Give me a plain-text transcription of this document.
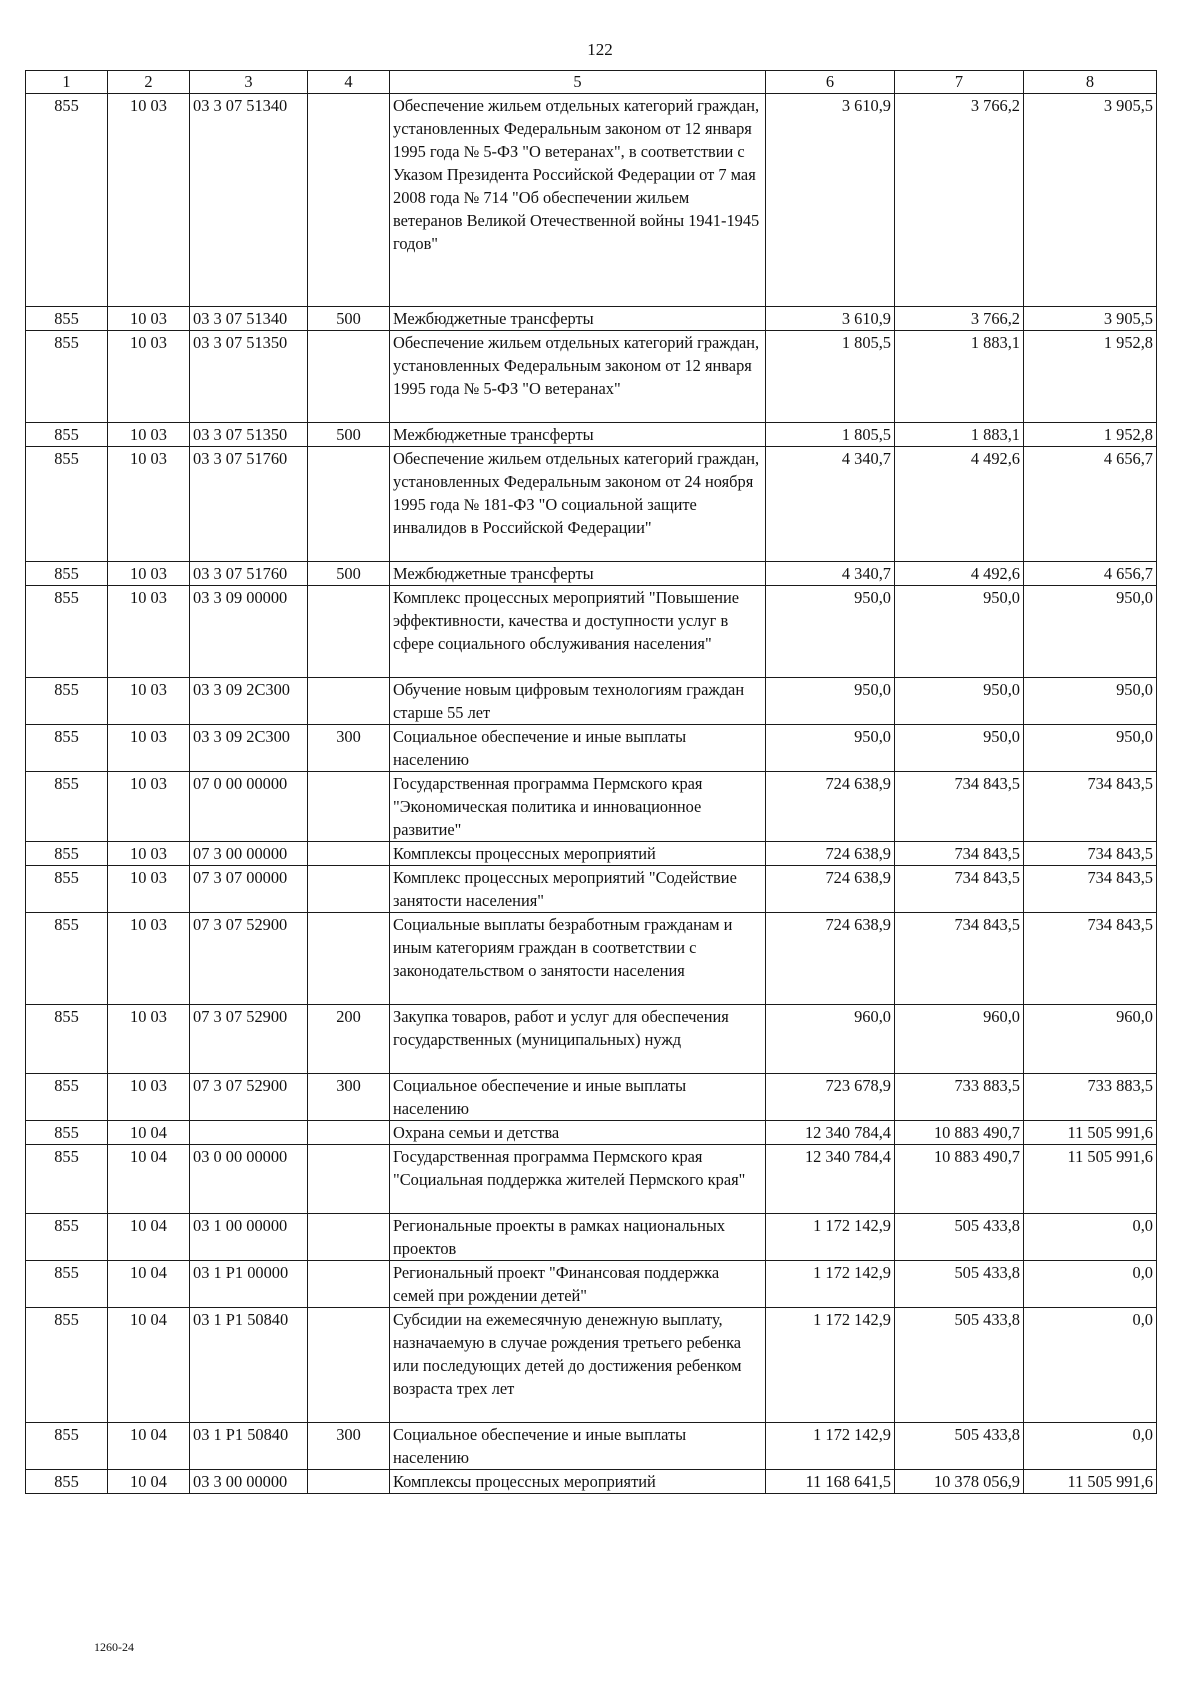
122
1	2	3	4	5	6	7	8
855	10 03	03 3 07 51340		Обеспечение жильем отдельных категорий граждан, установленных Федеральным законом от 12 января 1995 года № 5-ФЗ "О ветеранах", в соответствии с Указом Президента Российской Федерации от 7 мая 2008 года № 714 "Об обеспечении жильем ветеранов Великой Отечественной войны 1941-1945 годов"	3 610,9	3 766,2	3 905,5
855	10 03	03 3 07 51340	500	Межбюджетные трансферты	3 610,9	3 766,2	3 905,5
855	10 03	03 3 07 51350		Обеспечение жильем отдельных категорий граждан, установленных Федеральным законом от 12 января 1995 года № 5-ФЗ "О ветеранах"	1 805,5	1 883,1	1 952,8
855	10 03	03 3 07 51350	500	Межбюджетные трансферты	1 805,5	1 883,1	1 952,8
855	10 03	03 3 07 51760		Обеспечение жильем отдельных категорий граждан, установленных Федеральным законом от 24 ноября 1995 года № 181-ФЗ "О социальной защите инвалидов в Российской Федерации"	4 340,7	4 492,6	4 656,7
855	10 03	03 3 07 51760	500	Межбюджетные трансферты	4 340,7	4 492,6	4 656,7
855	10 03	03 3 09 00000		Комплекс процессных мероприятий "Повышение эффективности, качества и доступности услуг в сфере социального обслуживания населения"	950,0	950,0	950,0
855	10 03	03 3 09 2С300		Обучение новым цифровым технологиям граждан старше 55 лет	950,0	950,0	950,0
855	10 03	03 3 09 2С300	300	Социальное обеспечение и иные выплаты населению	950,0	950,0	950,0
855	10 03	07 0 00 00000		Государственная программа Пермского края "Экономическая политика и инновационное развитие"	724 638,9	734 843,5	734 843,5
855	10 03	07 3 00 00000		Комплексы процессных мероприятий	724 638,9	734 843,5	734 843,5
855	10 03	07 3 07 00000		Комплекс процессных мероприятий "Содействие занятости населения"	724 638,9	734 843,5	734 843,5
855	10 03	07 3 07 52900		Социальные выплаты безработным гражданам и иным категориям граждан в соответствии с законодательством о занятости населения	724 638,9	734 843,5	734 843,5
855	10 03	07 3 07 52900	200	Закупка товаров, работ и услуг для обеспечения государственных (муниципальных) нужд	960,0	960,0	960,0
855	10 03	07 3 07 52900	300	Социальное обеспечение и иные выплаты населению	723 678,9	733 883,5	733 883,5
855	10 04			Охрана семьи и детства	12 340 784,4	10 883 490,7	11 505 991,6
855	10 04	03 0 00 00000		Государственная программа Пермского края "Социальная поддержка жителей Пермского края"	12 340 784,4	10 883 490,7	11 505 991,6
855	10 04	03 1 00 00000		Региональные проекты в рамках национальных проектов	1 172 142,9	505 433,8	0,0
855	10 04	03 1 Р1 00000		Региональный проект "Финансовая поддержка семей при рождении детей"	1 172 142,9	505 433,8	0,0
855	10 04	03 1 Р1 50840		Субсидии на ежемесячную денежную выплату, назначаемую в случае рождения третьего ребенка или последующих детей до достижения ребенком возраста трех лет	1 172 142,9	505 433,8	0,0
855	10 04	03 1 Р1 50840	300	Социальное обеспечение и иные выплаты населению	1 172 142,9	505 433,8	0,0
855	10 04	03 3 00 00000		Комплексы процессных мероприятий	11 168 641,5	10 378 056,9	11 505 991,6
1260-24
